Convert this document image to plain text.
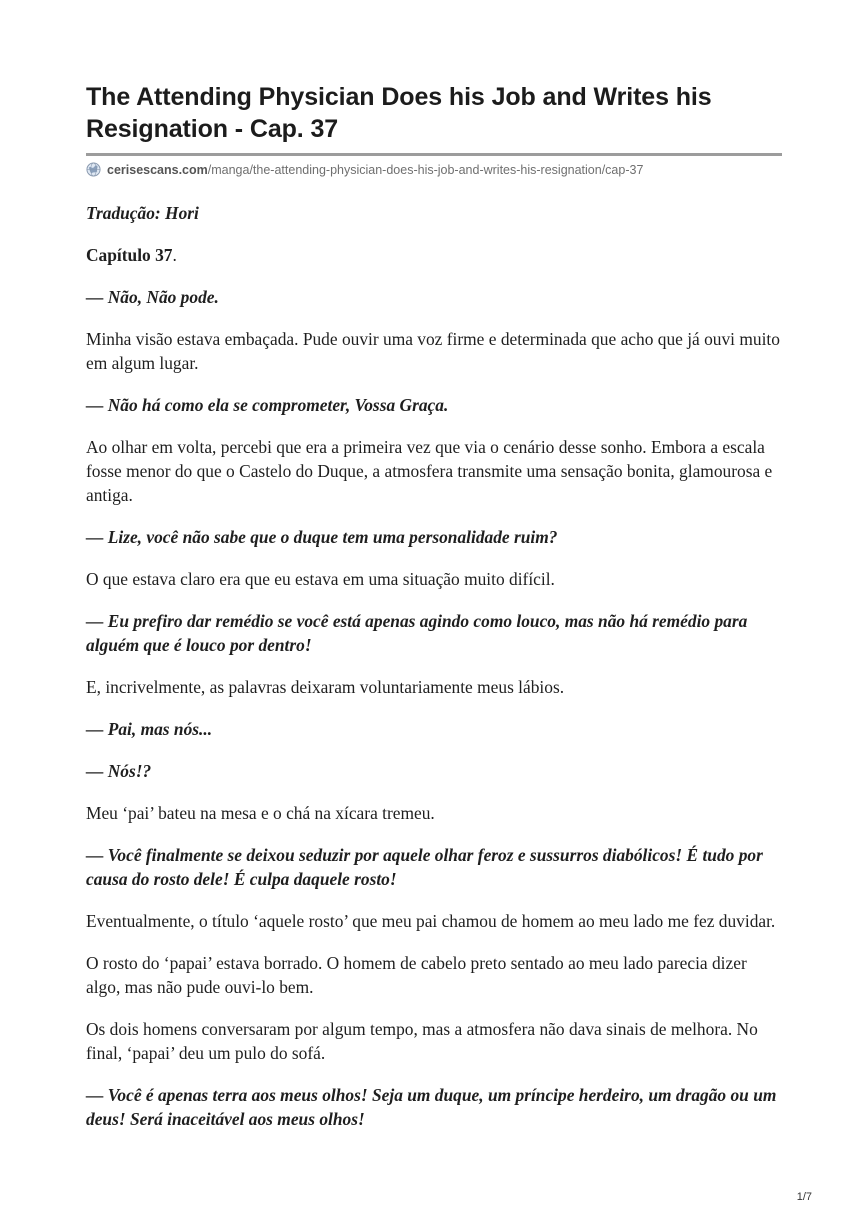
The Attending Physician Does his Job and Writes his Resignation - Cap. 37
cerisescans.com /manga/the-attending-physician-does-his-job-and-writes-his-resignation/cap-37

Tradução: Hori

Capítulo 37.

— Não, Não pode.

Minha visão estava embaçada. Pude ouvir uma voz firme e determinada que acho que já ouvi muito em algum lugar.

— Não há como ela se comprometer, Vossa Graça.

Ao olhar em volta, percebi que era a primeira vez que via o cenário desse sonho. Embora a escala fosse menor do que o Castelo do Duque, a atmosfera transmite uma sensação bonita, glamourosa e antiga.

— Lize, você não sabe que o duque tem uma personalidade ruim?

O que estava claro era que eu estava em uma situação muito difícil.

— Eu prefiro dar remédio se você está apenas agindo como louco, mas não há remédio para alguém que é louco por dentro!

E, incrivelmente, as palavras deixaram voluntariamente meus lábios.

— Pai, mas nós...

— Nós!?

Meu ‘pai’ bateu na mesa e o chá na xícara tremeu.

— Você finalmente se deixou seduzir por aquele olhar feroz e sussurros diabólicos! É tudo por causa do rosto dele! É culpa daquele rosto!

Eventualmente, o título ‘aquele rosto’ que meu pai chamou de homem ao meu lado me fez duvidar.

O rosto do ‘papai’ estava borrado. O homem de cabelo preto sentado ao meu lado parecia dizer algo, mas não pude ouvi-lo bem.

Os dois homens conversaram por algum tempo, mas a atmosfera não dava sinais de melhora. No final, ‘papai’ deu um pulo do sofá.

— Você é apenas terra aos meus olhos! Seja um duque, um príncipe herdeiro, um dragão ou um deus! Será inaceitável aos meus olhos!

1/7
